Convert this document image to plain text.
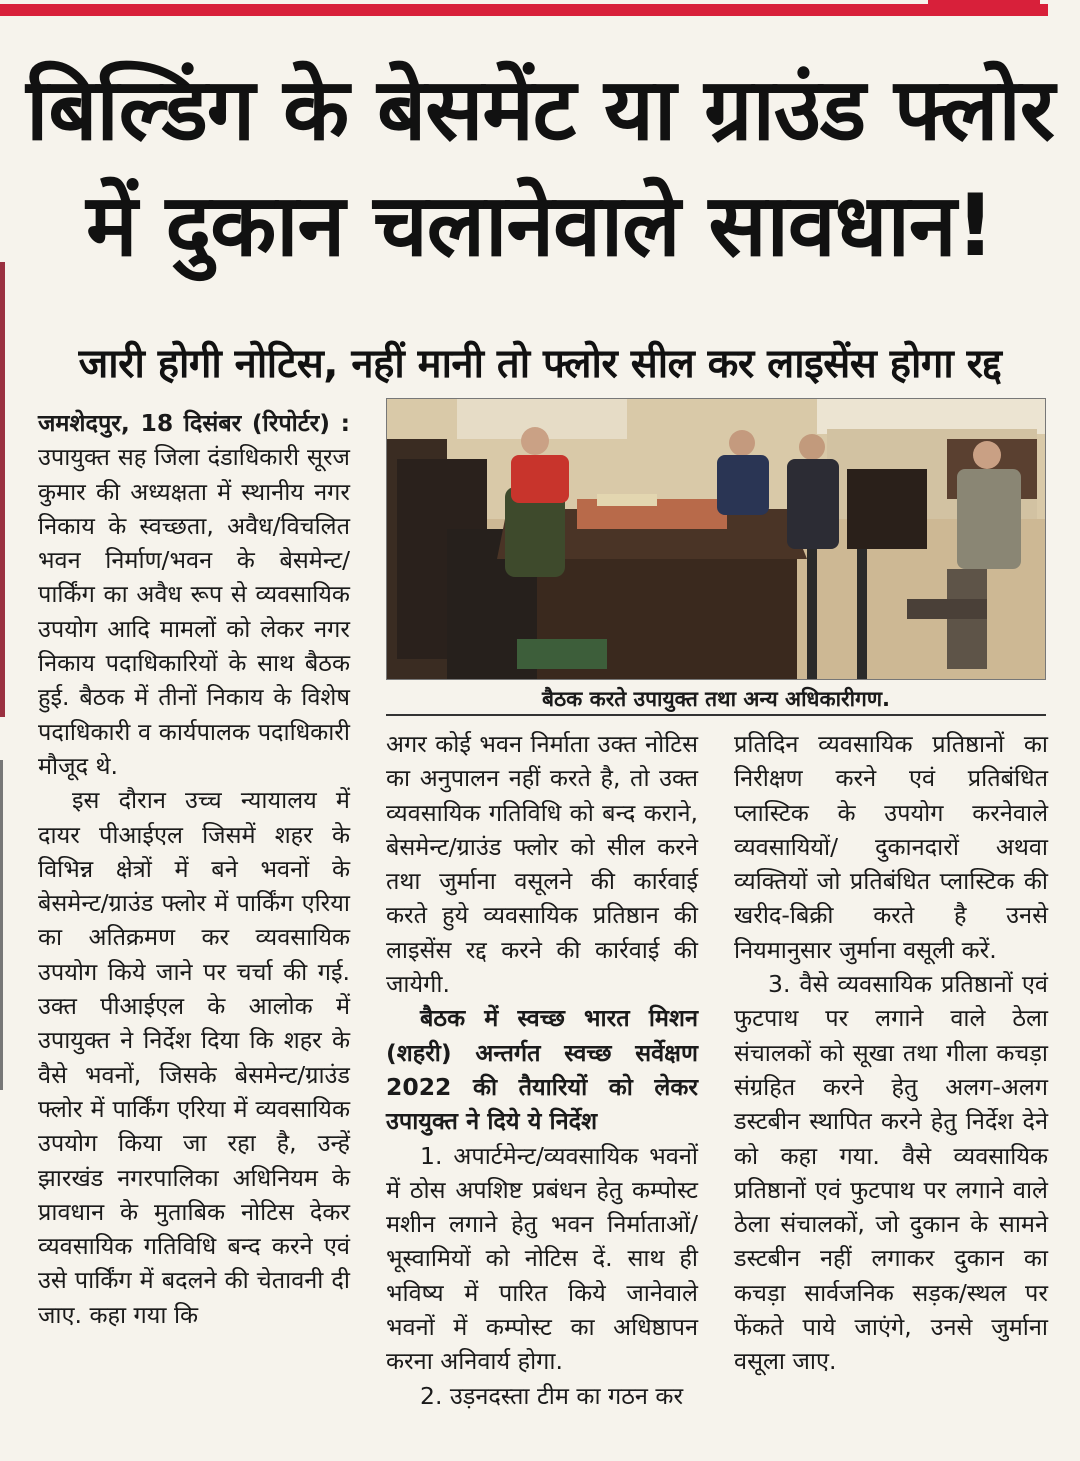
बिल्डिंग के बेसमेंट या ग्राउंड फ्लोर
में दुकान चलानेवाले सावधान!
जारी होगी नोटिस, नहीं मानी तो फ्लोर सील कर लाइसेंस होगा रद्द

जमशेदपुर, 18 दिसंबर (रिपोर्टर) : उपायुक्त सह जिला दंडाधिकारी सूरज कुमार की अध्यक्षता में स्थानीय नगर निकाय के स्वच्छता, अवैध/विचलित भवन निर्माण/भवन के बेसमेन्ट/पार्किंग का अवैध रूप से व्यवसायिक उपयोग आदि मामलों को लेकर नगर निकाय पदाधिकारियों के साथ बैठक हुई. बैठक में तीनों निकाय के विशेष पदाधिकारी व कार्यपालक पदाधिकारी मौजूद थे.

इस दौरान उच्च न्यायालय में दायर पीआईएल जिसमें शहर के विभिन्न क्षेत्रों में बने भवनों के बेसमेन्ट/ग्राउंड फ्लोर में पार्किंग एरिया का अतिक्रमण कर व्यवसायिक उपयोग किये जाने पर चर्चा की गई. उक्त पीआईएल के आलोक में उपायुक्त ने निर्देश दिया कि शहर के वैसे भवनों, जिसके बेसमेन्ट/ग्राउंड फ्लोर में पार्किंग एरिया में व्यवसायिक उपयोग किया जा रहा है, उन्हें झारखंड नगरपालिका अधिनियम के प्रावधान के मुताबिक नोटिस देकर व्यवसायिक गतिविधि बन्द करने एवं उसे पार्किंग में बदलने की चेतावनी दी जाए. कहा गया कि

बैठक करते उपायुक्त तथा अन्य अधिकारीगण.

अगर कोई भवन निर्माता उक्त नोटिस का अनुपालन नहीं करते है, तो उक्त व्यवसायिक गतिविधि को बन्द कराने, बेसमेन्ट/ग्राउंड फ्लोर को सील करने तथा जुर्माना वसूलने की कार्रवाई करते हुये व्यवसायिक प्रतिष्ठान की लाइसेंस रद्द करने की कार्रवाई की जायेगी.

बैठक में स्वच्छ भारत मिशन (शहरी) अन्तर्गत स्वच्छ सर्वेक्षण 2022 की तैयारियों को लेकर उपायुक्त ने दिये ये निर्देश

1. अपार्टमेन्ट/व्यवसायिक भवनों में ठोस अपशिष्ट प्रबंधन हेतु कम्पोस्ट मशीन लगाने हेतु भवन निर्माताओं/भूस्वामियों को नोटिस दें. साथ ही भविष्य में पारित किये जानेवाले भवनों में कम्पोस्ट का अधिष्ठापन करना अनिवार्य होगा.

2. उड़नदस्ता टीम का गठन कर

प्रतिदिन व्यवसायिक प्रतिष्ठानों का निरीक्षण करने एवं प्रतिबंधित प्लास्टिक के उपयोग करनेवाले व्यवसायियों/ दुकानदारों अथवा व्यक्तियों जो प्रतिबंधित प्लास्टिक की खरीद-बिक्री करते है उनसे नियमानुसार जुर्माना वसूली करें.

3. वैसे व्यवसायिक प्रतिष्ठानों एवं फुटपाथ पर लगाने वाले ठेला संचालकों को सूखा तथा गीला कचड़ा संग्रहित करने हेतु अलग-अलग डस्टबीन स्थापित करने हेतु निर्देश देने को कहा गया. वैसे व्यवसायिक प्रतिष्ठानों एवं फुटपाथ पर लगाने वाले ठेला संचालकों, जो दुकान के सामने डस्टबीन नहीं लगाकर दुकान का कचड़ा सार्वजनिक सड़क/स्थल पर फेंकते पाये जाएंगे, उनसे जुर्माना वसूला जाए.
